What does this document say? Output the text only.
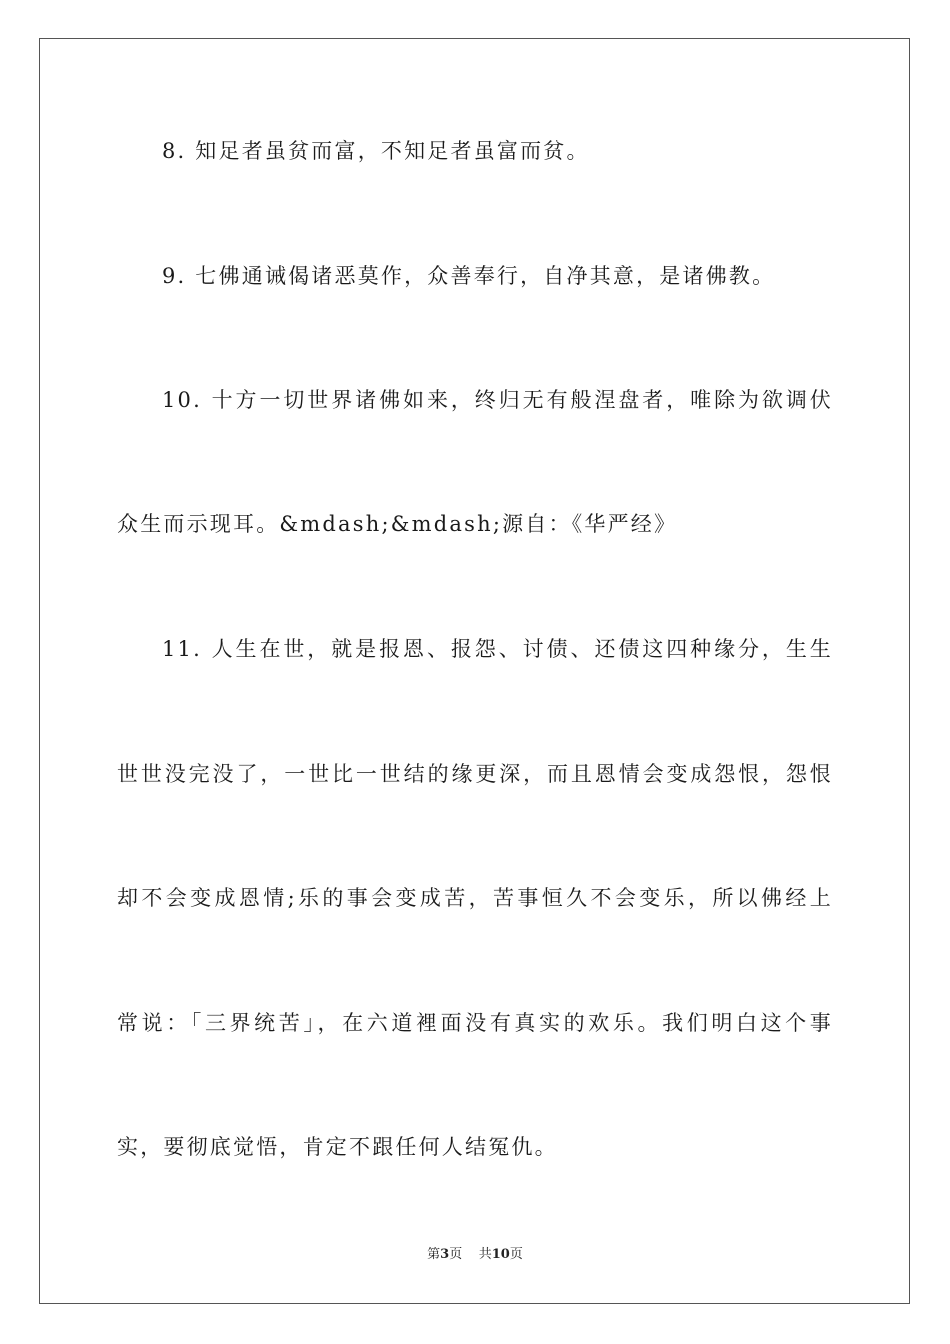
8. 知足者虽贫而富，不知足者虽富而贫。
9. 七佛通诫偈诸恶莫作，众善奉行，自净其意，是诸佛教。
10. 十方一切世界诸佛如来，终归无有般涅盘者，唯除为欲调伏
众生而示现耳。&mdash;&mdash;源自：《华严经》
11. 人生在世，就是报恩、报怨、讨债、还债这四种缘分，生生
世世没完没了，一世比一世结的缘更深，而且恩情会变成怨恨，怨恨
却不会变成恩情;乐的事会变成苦，苦事恒久不会变乐，所以佛经上
常说：「三界统苦」，在六道裡面没有真实的欢乐。我们明白这个事
实，要彻底觉悟，肯定不跟任何人结冤仇。
第3页 共10页
